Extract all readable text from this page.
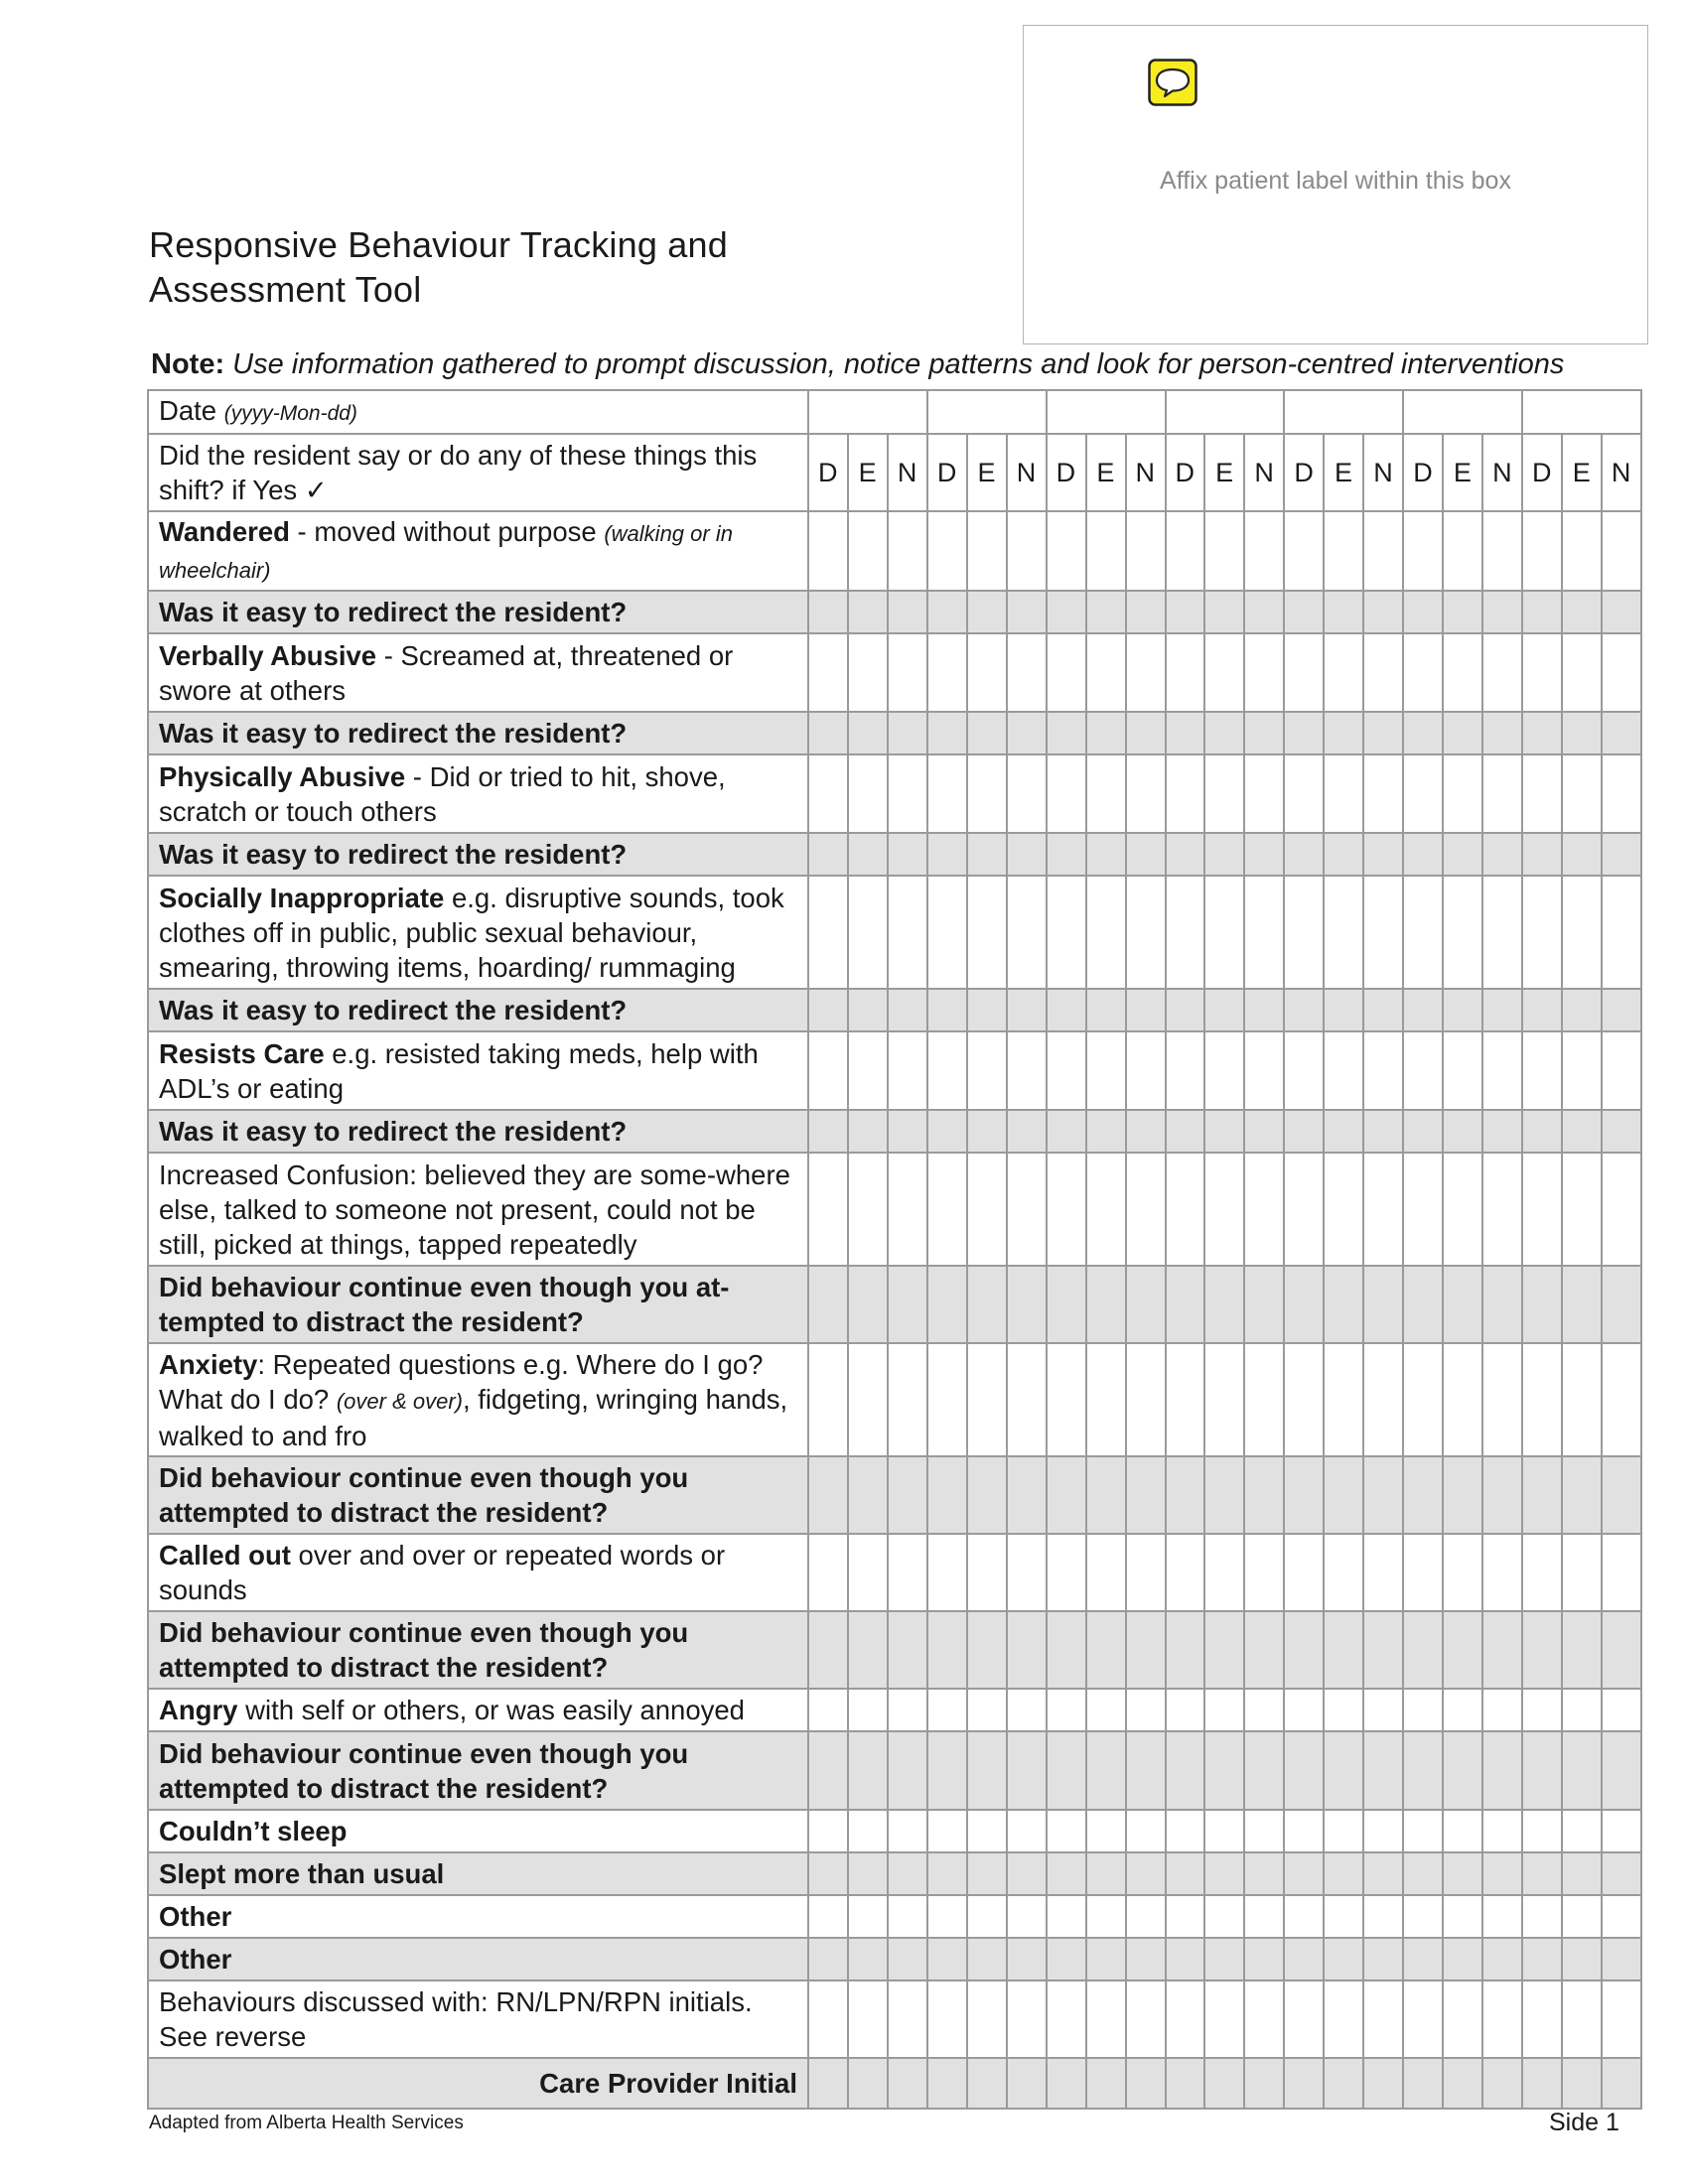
Affix patient label within this box
Responsive Behaviour Tracking and
Assessment Tool
Note: Use information gathered to prompt discussion, notice patterns and look for person-centred interventions
Date (yyyy-Mon-dd)																					
Did the resident say or do any of these things this shift? if Yes ✓	D	E	N	D	E	N	D	E	N	D	E	N	D	E	N	D	E	N	D	E	N
Wandered - moved without purpose (walking or in wheelchair)																					
Was it easy to redirect the resident?																					
Verbally Abusive - Screamed at, threatened or swore at others																					
Was it easy to redirect the resident?																					
Physically Abusive - Did or tried to hit, shove, scratch or touch others																					
Was it easy to redirect the resident?																					
Socially Inappropriate e.g. disruptive sounds, took clothes off in public, public sexual behaviour, smearing, throwing items, hoarding/ rummaging																					
Was it easy to redirect the resident?																					
Resists Care e.g. resisted taking meds, help with ADL’s or eating																					
Was it easy to redirect the resident?																					
Increased Confusion: believed they are some-where else, talked to someone not present, could not be still, picked at things, tapped repeatedly																					
Did behaviour continue even though you at-tempted to distract the resident?																					
Anxiety: Repeated questions e.g. Where do I go? What do I do? (over & over), fidgeting, wringing hands, walked to and fro																					
Did behaviour continue even though you attempted to distract the resident?																					
Called out over and over or repeated words or sounds																					
Did behaviour continue even though you attempted to distract the resident?																					
Angry with self or others, or was easily annoyed																					
Did behaviour continue even though you attempted to distract the resident?																					
Couldn’t sleep																					
Slept more than usual																					
Other																					
Other																					
Behaviours discussed with: RN/LPN/RPN initials. See reverse																					
Care Provider Initial																					
Adapted from Alberta Health Services	Side 1
